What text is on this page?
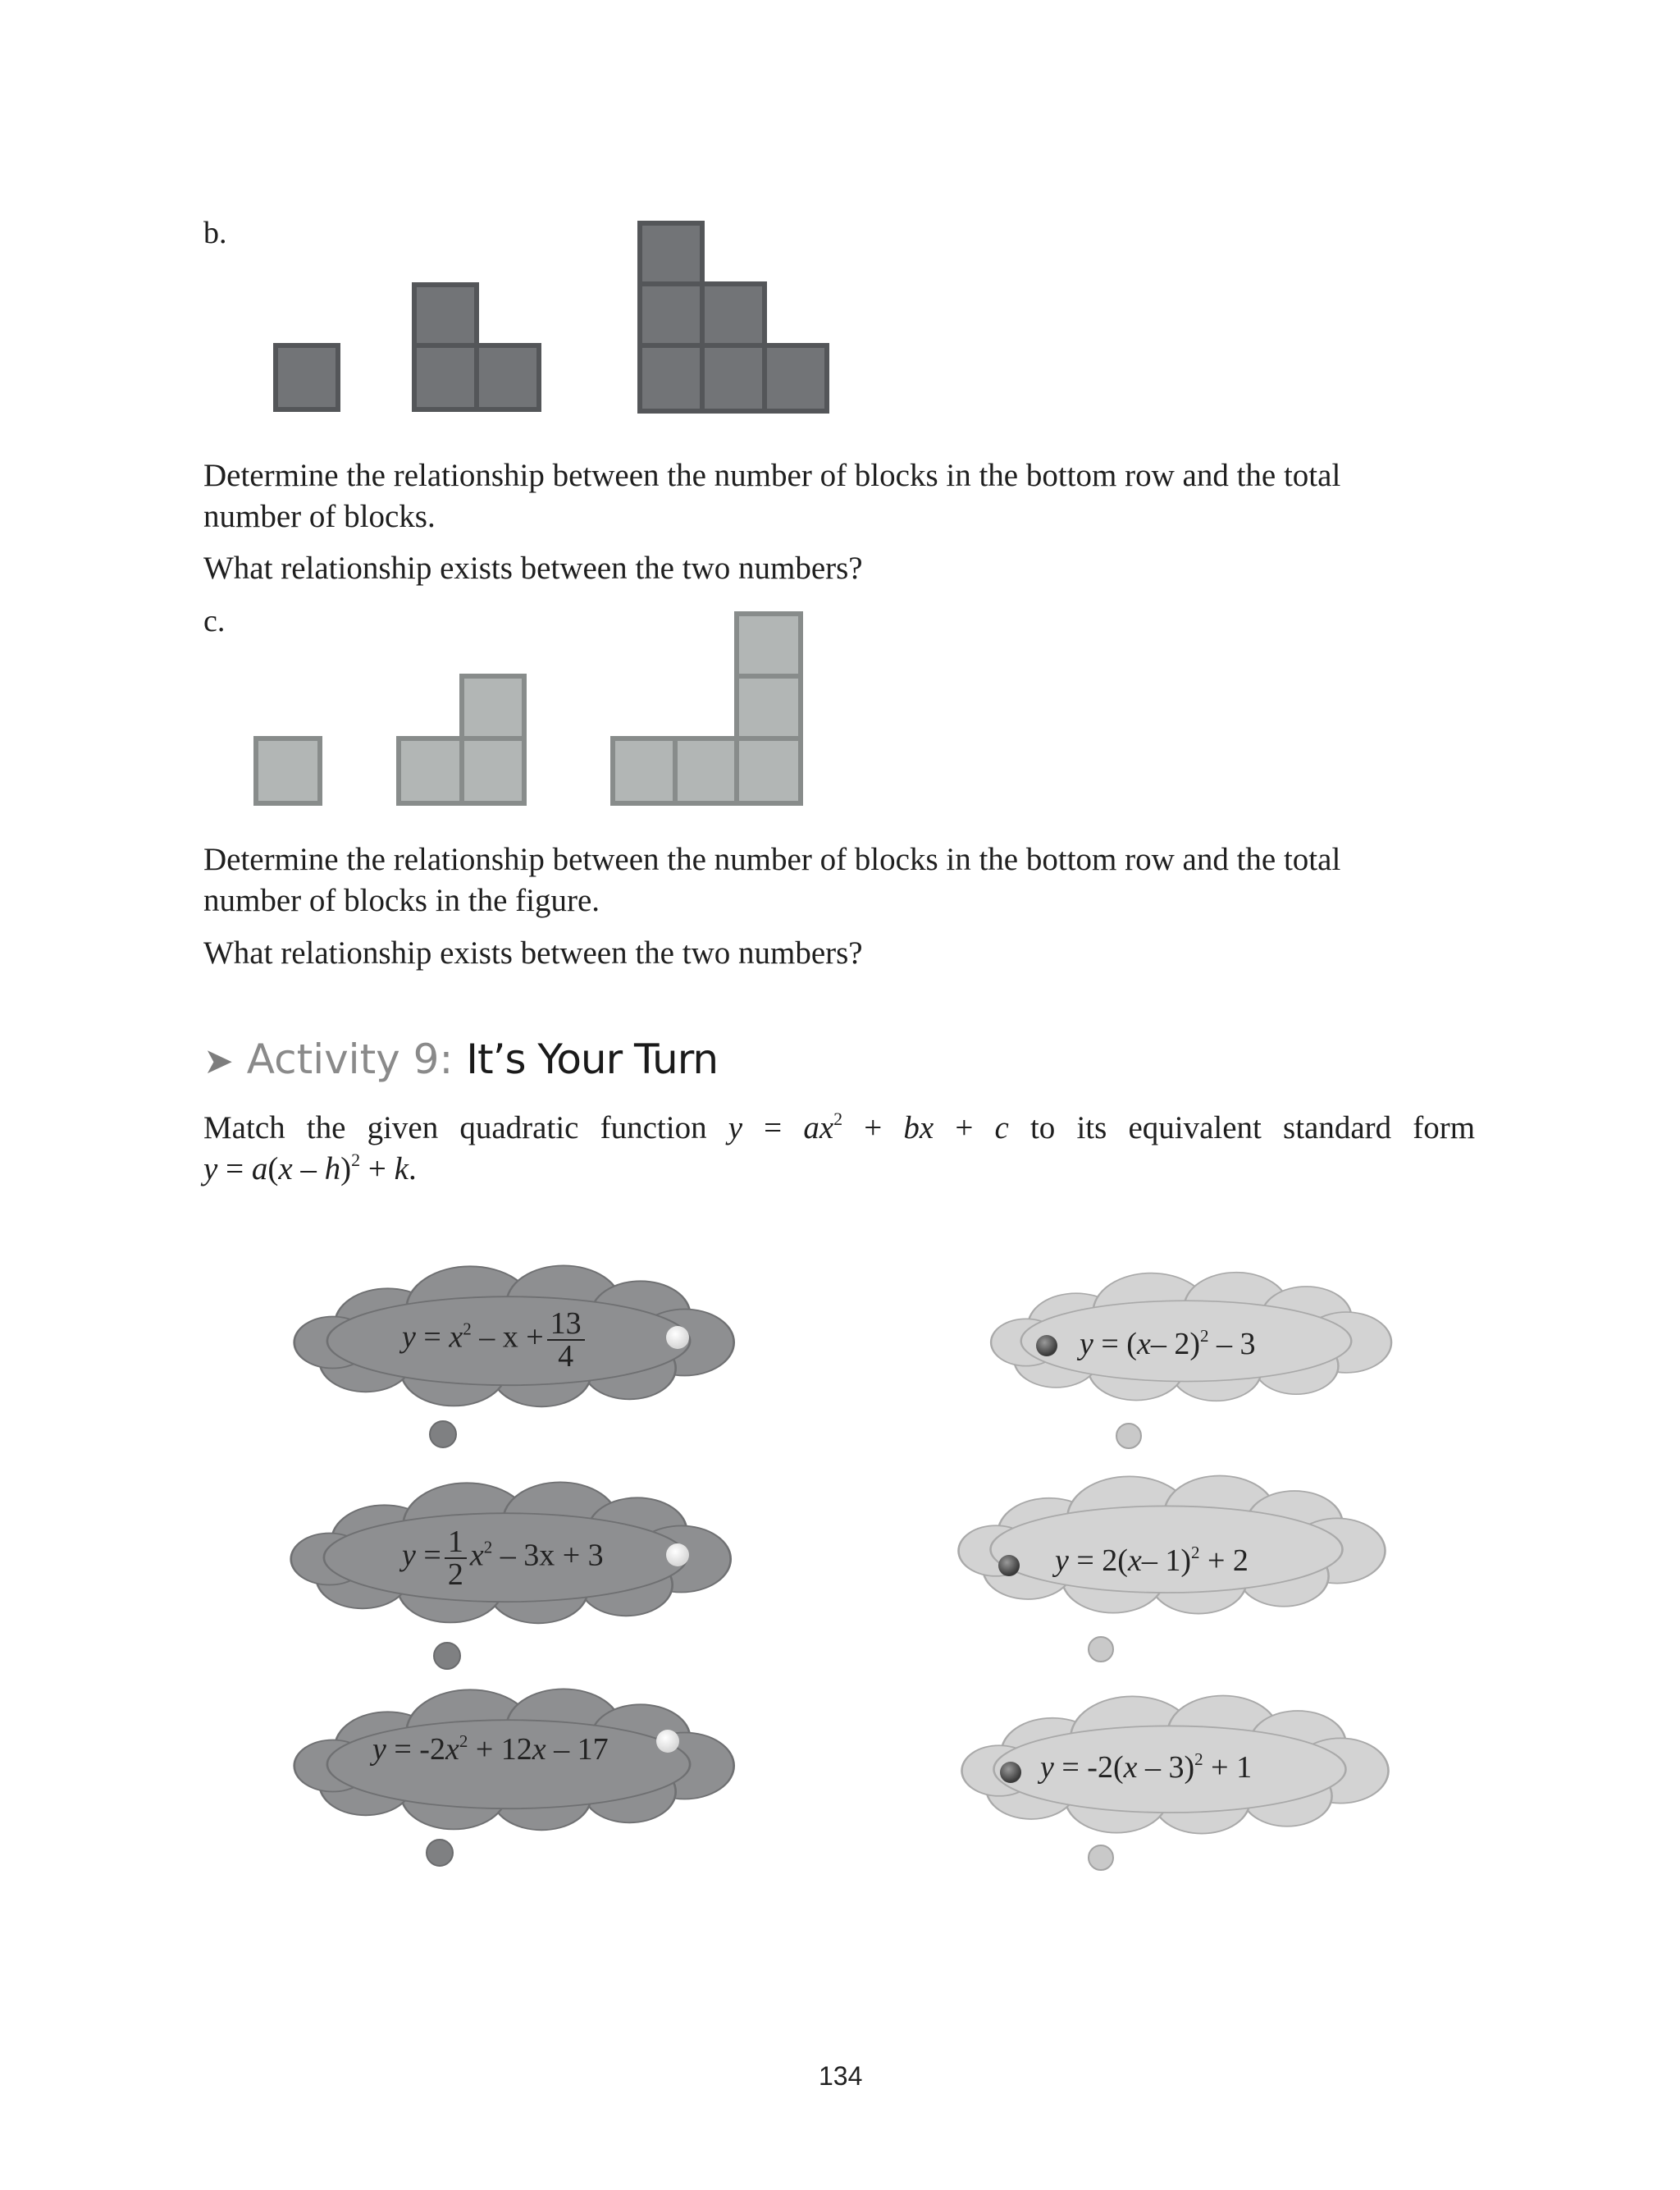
b.
Determine the relationship between the number of blocks in the bottom row and the total
number of blocks.
What relationship exists between the two numbers?
c.
Determine the relationship between the number of blocks in the bottom row and the total
number of blocks in the figure.
What relationship exists between the two numbers?
➤ Activity 9: It’s Your Turn
Match the given quadratic function $y = ax^2$ + bx + c to its equivalent standard form
y = a(x – h)$^2$ + k.
$y = x^2 - x + \frac{13}{4}$
$y = \frac{1}{2} x^2 - 3x + 3$
$y = -2x^2 + 12x - 17$
y = (x– 2)$^2$ – 3
y = 2(x– 1)$^2$ + 2
y = -2(x – 3)$^2$ + 1
134
